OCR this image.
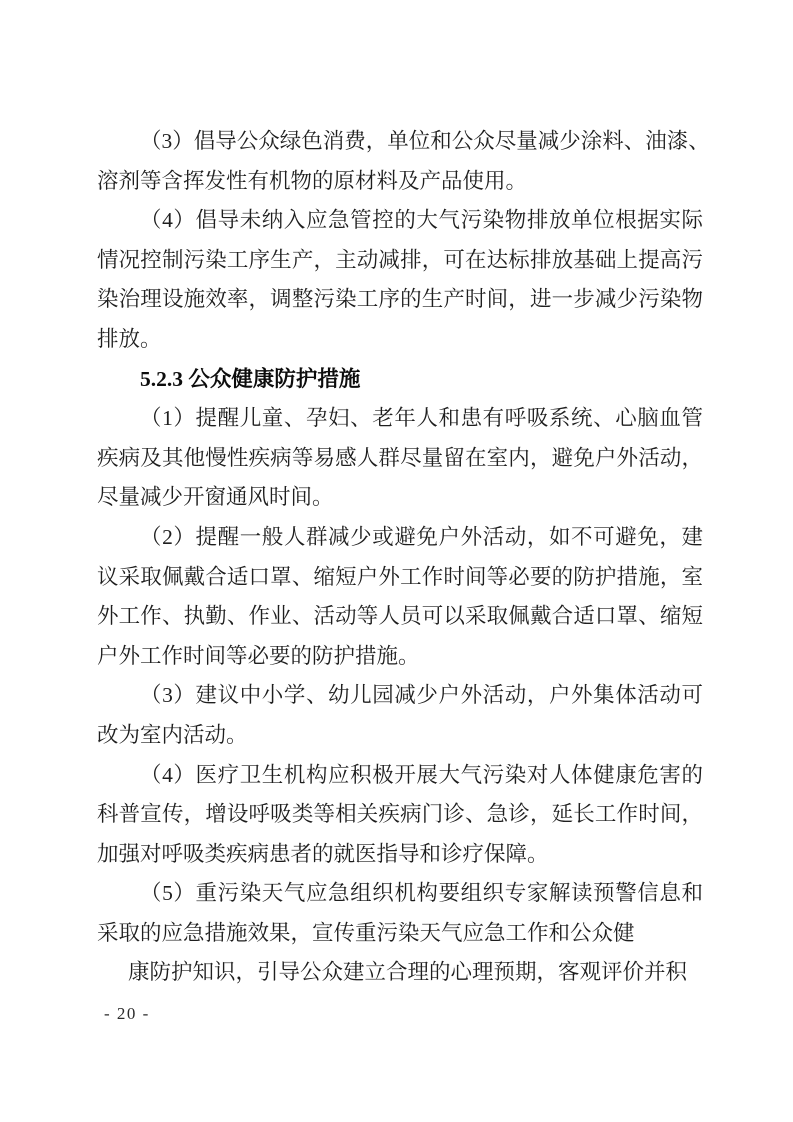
（3）倡导公众绿色消费，单位和公众尽量减少涂料、油漆、
溶剂等含挥发性有机物的原材料及产品使用。
（4）倡导未纳入应急管控的大气污染物排放单位根据实际
情况控制污染工序生产，主动减排，可在达标排放基础上提高污
染治理设施效率，调整污染工序的生产时间，进一步减少污染物
排放。
5.2.3 公众健康防护措施
（1）提醒儿童、孕妇、老年人和患有呼吸系统、心脑血管
疾病及其他慢性疾病等易感人群尽量留在室内，避免户外活动，
尽量减少开窗通风时间。
（2）提醒一般人群减少或避免户外活动，如不可避免，建
议采取佩戴合适口罩、缩短户外工作时间等必要的防护措施，室
外工作、执勤、作业、活动等人员可以采取佩戴合适口罩、缩短
户外工作时间等必要的防护措施。
（3）建议中小学、幼儿园减少户外活动，户外集体活动可
改为室内活动。
（4）医疗卫生机构应积极开展大气污染对人体健康危害的
科普宣传，增设呼吸类等相关疾病门诊、急诊，延长工作时间，
加强对呼吸类疾病患者的就医指导和诊疗保障。
（5）重污染天气应急组织机构要组织专家解读预警信息和
采取的应急措施效果，宣传重污染天气应急工作和公众健
康防护知识，引导公众建立合理的心理预期，客观评价并积
- 20 -
